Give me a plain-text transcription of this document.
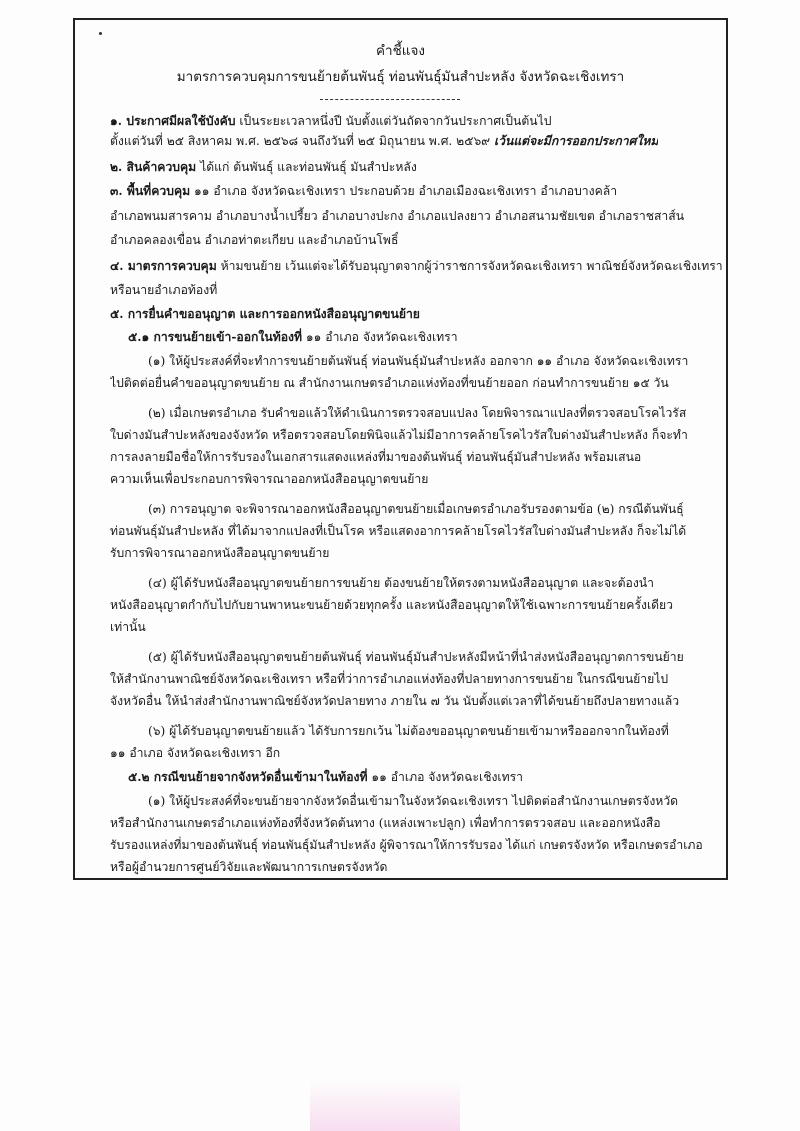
คำชี้แจง
มาตรการควบคุมการขนย้ายต้นพันธุ์ ท่อนพันธุ์มันสำปะหลัง จังหวัดฉะเชิงเทรา
๑. ประกาศมีผลใช้บังคับ เป็นระยะเวลาหนึ่งปี นับตั้งแต่วันถัดจากวันประกาศเป็นต้นไป
ตั้งแต่วันที่ ๒๕ สิงหาคม พ.ศ. ๒๕๖๘ จนถึงวันที่ ๒๕ มิถุนายน พ.ศ. ๒๕๖๙ เว้นแต่จะมีการออกประกาศใหม่
๒. สินค้าควบคุม ได้แก่ ต้นพันธุ์ และท่อนพันธุ์ มันสำปะหลัง
๓. พื้นที่ควบคุม ๑๑ อำเภอ จังหวัดฉะเชิงเทรา ประกอบด้วย อำเภอเมืองฉะเชิงเทรา อำเภอบางคล้า
อำเภอพนมสารคาม อำเภอบางน้ำเปรี้ยว อำเภอบางปะกง อำเภอแปลงยาว อำเภอสนามชัยเขต อำเภอราชสาส์น
อำเภอคลองเขื่อน อำเภอท่าตะเกียบ และอำเภอบ้านโพธิ์
๔. มาตรการควบคุม ห้ามขนย้าย เว้นแต่จะได้รับอนุญาตจากผู้ว่าราชการจังหวัดฉะเชิงเทรา พาณิชย์จังหวัดฉะเชิงเทรา
หรือนายอำเภอท้องที่
๕. การยื่นคำขออนุญาต และการออกหนังสืออนุญาตขนย้าย
๕.๑ การขนย้ายเข้า-ออกในท้องที่ ๑๑ อำเภอ จังหวัดฉะเชิงเทรา
(๑) ให้ผู้ประสงค์ที่จะทำการขนย้ายต้นพันธุ์ ท่อนพันธุ์มันสำปะหลัง ออกจาก ๑๑ อำเภอ จังหวัดฉะเชิงเทรา
ไปติดต่อยื่นคำขออนุญาตขนย้าย ณ สำนักงานเกษตรอำเภอแห่งท้องที่ขนย้ายออก ก่อนทำการขนย้าย ๑๕ วัน
(๒) เมื่อเกษตรอำเภอ รับคำขอแล้วให้ดำเนินการตรวจสอบแปลง โดยพิจารณาแปลงที่ตรวจสอบโรคไวรัส
ใบด่างมันสำปะหลังของจังหวัด หรือตรวจสอบโดยพินิจแล้วไม่มีอาการคล้ายโรคไวรัสใบด่างมันสำปะหลัง ก็จะทำ
การลงลายมือชื่อให้การรับรองในเอกสารแสดงแหล่งที่มาของต้นพันธุ์ ท่อนพันธุ์มันสำปะหลัง พร้อมเสนอ
ความเห็นเพื่อประกอบการพิจารณาออกหนังสืออนุญาตขนย้าย
(๓) การอนุญาต จะพิจารณาออกหนังสืออนุญาตขนย้ายเมื่อเกษตรอำเภอรับรองตามข้อ (๒) กรณีต้นพันธุ์
ท่อนพันธุ์มันสำปะหลัง ที่ได้มาจากแปลงที่เป็นโรค หรือแสดงอาการคล้ายโรคไวรัสใบด่างมันสำปะหลัง ก็จะไม่ได้
รับการพิจารณาออกหนังสืออนุญาตขนย้าย
(๔) ผู้ได้รับหนังสืออนุญาตขนย้ายการขนย้าย ต้องขนย้ายให้ตรงตามหนังสืออนุญาต และจะต้องนำ
หนังสืออนุญาตกำกับไปกับยานพาหนะขนย้ายด้วยทุกครั้ง และหนังสืออนุญาตให้ใช้เฉพาะการขนย้ายครั้งเดียว
เท่านั้น
(๕) ผู้ได้รับหนังสืออนุญาตขนย้ายต้นพันธุ์ ท่อนพันธุ์มันสำปะหลังมีหน้าที่นำส่งหนังสืออนุญาตการขนย้าย
ให้สำนักงานพาณิชย์จังหวัดฉะเชิงเทรา หรือที่ว่าการอำเภอแห่งท้องที่ปลายทางการขนย้าย ในกรณีขนย้ายไป
จังหวัดอื่น ให้นำส่งสำนักงานพาณิชย์จังหวัดปลายทาง ภายใน ๗ วัน นับตั้งแต่เวลาที่ได้ขนย้ายถึงปลายทางแล้ว
(๖) ผู้ได้รับอนุญาตขนย้ายแล้ว ได้รับการยกเว้น ไม่ต้องขออนุญาตขนย้ายเข้ามาหรือออกจากในท้องที่
๑๑ อำเภอ จังหวัดฉะเชิงเทรา อีก
๕.๒ กรณีขนย้ายจากจังหวัดอื่นเข้ามาในท้องที่ ๑๑ อำเภอ จังหวัดฉะเชิงเทรา
(๑) ให้ผู้ประสงค์ที่จะขนย้ายจากจังหวัดอื่นเข้ามาในจังหวัดฉะเชิงเทรา ไปติดต่อสำนักงานเกษตรจังหวัด
หรือสำนักงานเกษตรอำเภอแห่งท้องที่จังหวัดต้นทาง (แหล่งเพาะปลูก) เพื่อทำการตรวจสอบ และออกหนังสือ
รับรองแหล่งที่มาของต้นพันธุ์ ท่อนพันธุ์มันสำปะหลัง ผู้พิจารณาให้การรับรอง ได้แก่ เกษตรจังหวัด หรือเกษตรอำเภอ
หรือผู้อำนวยการศูนย์วิจัยและพัฒนาการเกษตรจังหวัด
